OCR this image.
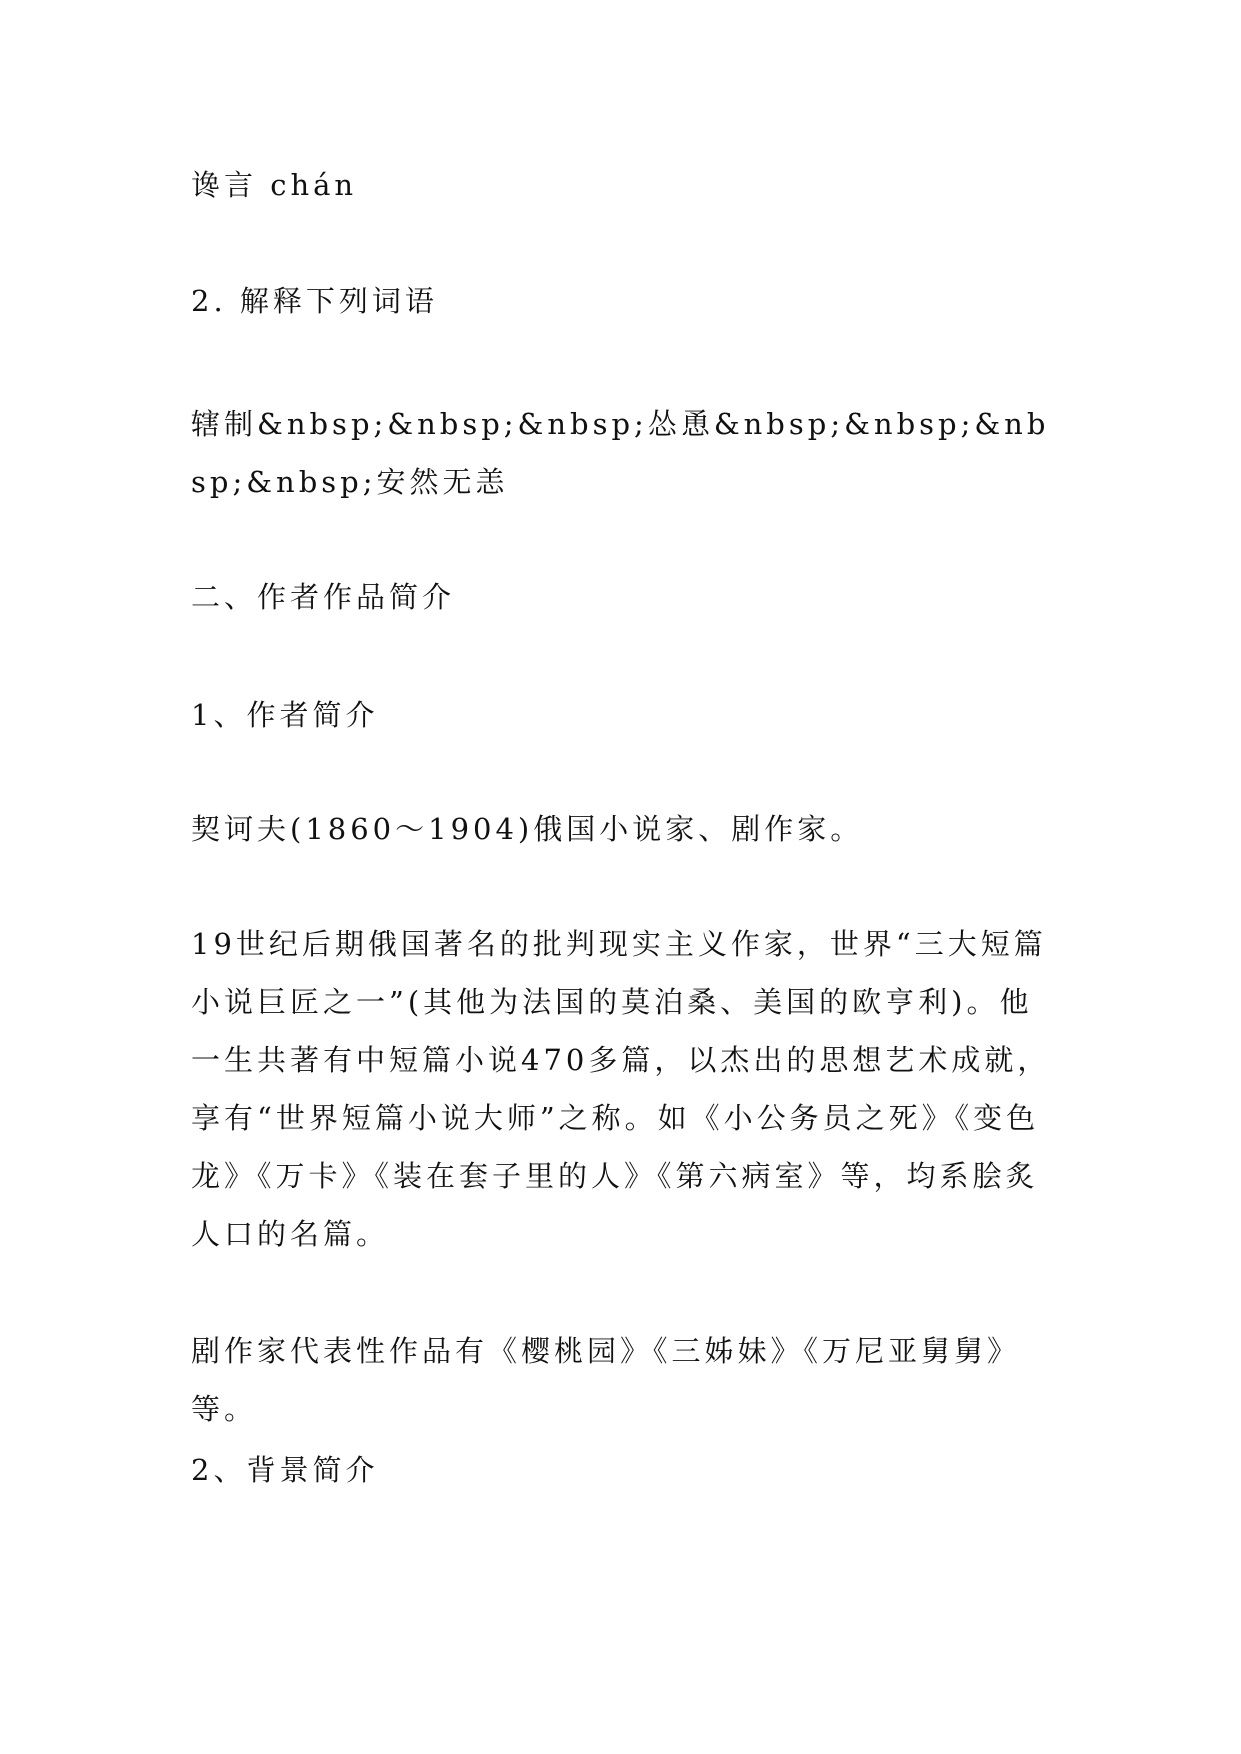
谗言 chán

2. 解释下列词语

辖制&nbsp;&nbsp;&nbsp;怂恿&nbsp;&nbsp;&nbsp;&nbsp;安然无恙

二、作者作品简介

1、作者简介

契诃夫(1860～1904)俄国小说家、剧作家。

19世纪后期俄国著名的批判现实主义作家，世界“三大短篇小说巨匠之一”(其他为法国的莫泊桑、美国的欧亨利)。他一生共著有中短篇小说470多篇，以杰出的思想艺术成就，享有“世界短篇小说大师”之称。如《小公务员之死》《变色龙》《万卡》《装在套子里的人》《第六病室》等，均系脍炙人口的名篇。

剧作家代表性作品有《樱桃园》《三姊妹》《万尼亚舅舅》等。

2、背景简介
